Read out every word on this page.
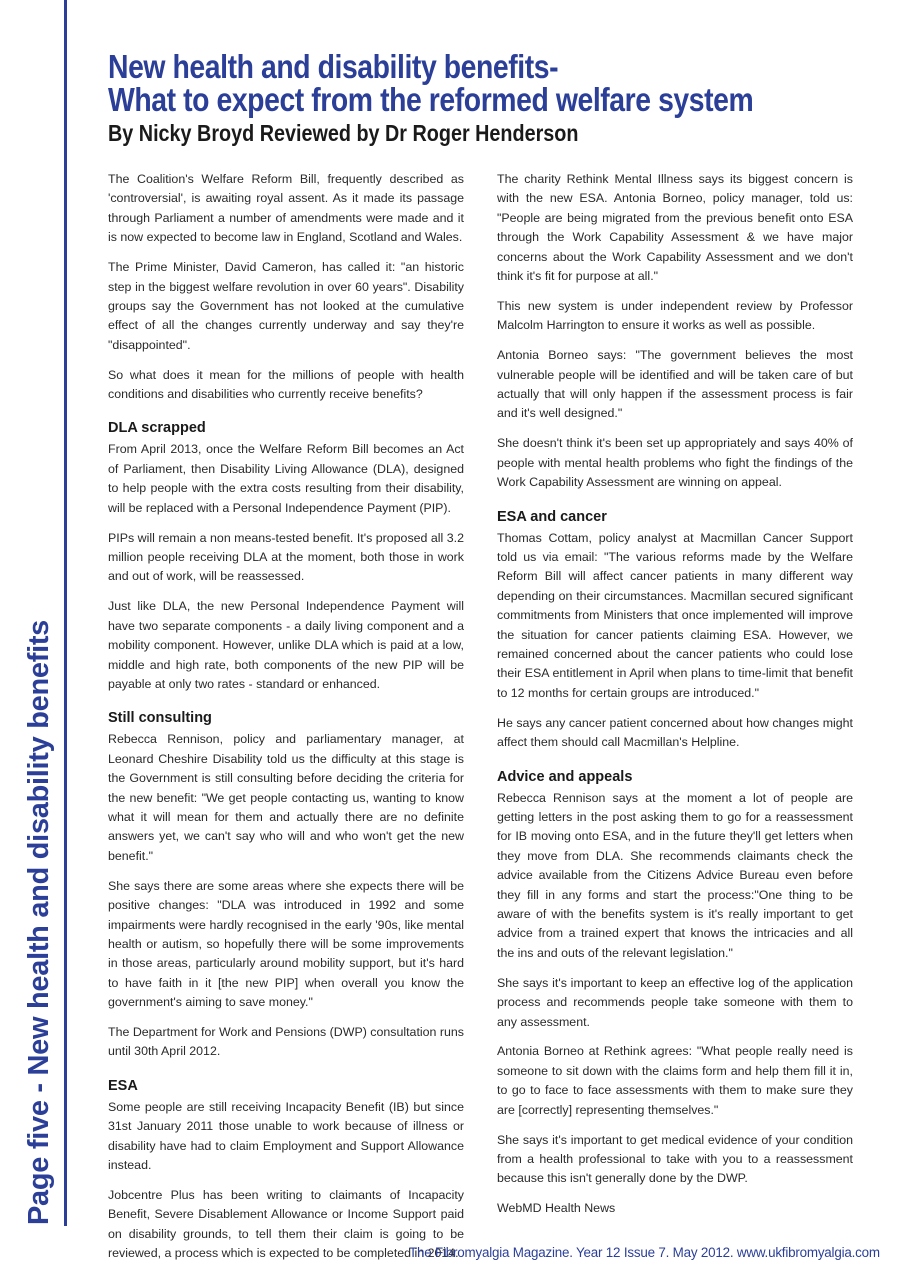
Page five - New health and disability benefits
New health and disability benefits-
What to expect from the reformed welfare system
By Nicky Broyd Reviewed by Dr Roger Henderson

The Coalition's Welfare Reform Bill, frequently described as 'controversial', is awaiting royal assent. As it made its passage through Parliament a number of amendments were made and it is now expected to become law in England, Scotland and Wales.

The Prime Minister, David Cameron, has called it: "an historic step in the biggest welfare revolution in over 60 years". Disability groups say the Government has not looked at the cumulative effect of all the changes currently underway and say they're "disappointed".

So what does it mean for the millions of people with health conditions and disabilities who currently receive benefits?

DLA scrapped

From April 2013, once the Welfare Reform Bill becomes an Act of Parliament, then Disability Living Allowance (DLA), designed to help people with the extra costs resulting from their disability, will be replaced with a Personal Independence Payment (PIP).

PIPs will remain a non means-tested benefit. It's proposed all 3.2 million people receiving DLA at the moment, both those in work and out of work, will be reassessed.

Just like DLA, the new Personal Independence Payment will have two separate components - a daily living component and a mobility component. However, unlike DLA which is paid at a low, middle and high rate, both components of the new PIP will be payable at only two rates - standard or enhanced.

Still consulting

Rebecca Rennison, policy and parliamentary manager, at Leonard Cheshire Disability told us the difficulty at this stage is the Government is still consulting before deciding the criteria for the new benefit: "We get people contacting us, wanting to know what it will mean for them and actually there are no definite answers yet, we can't say who will and who won't get the new benefit."

She says there are some areas where she expects there will be positive changes: "DLA was introduced in 1992 and some impairments were hardly recognised in the early '90s, like mental health or autism, so hopefully there will be some improvements in those areas, particularly around mobility support, but it's hard to have faith in it [the new PIP] when overall you know the government's aiming to save money."

The Department for Work and Pensions (DWP) consultation runs until 30th April 2012.

ESA

Some people are still receiving Incapacity Benefit (IB) but since 31st January 2011 those unable to work because of illness or disability have had to claim Employment and Support Allowance instead.

Jobcentre Plus has been writing to claimants of Incapacity Benefit, Severe Disablement Allowance or Income Support paid on disability grounds, to tell them their claim is going to be reviewed, a process which is expected to be completed in 2014.

The charity Rethink Mental Illness says its biggest concern is with the new ESA. Antonia Borneo, policy manager, told us: "People are being migrated from the previous benefit onto ESA through the Work Capability Assessment & we have major concerns about the Work Capability Assessment and we don't think it's fit for purpose at all."

This new system is under independent review by Professor Malcolm Harrington to ensure it works as well as possible.

Antonia Borneo says: "The government believes the most vulnerable people will be identified and will be taken care of but actually that will only happen if the assessment process is fair and it's well designed."

She doesn't think it's been set up appropriately and says 40% of people with mental health problems who fight the findings of the Work Capability Assessment are winning on appeal.

ESA and cancer

Thomas Cottam, policy analyst at Macmillan Cancer Support told us via email: "The various reforms made by the Welfare Reform Bill will affect cancer patients in many different way depending on their circumstances. Macmillan secured significant commitments from Ministers that once implemented will improve the situation for cancer patients claiming ESA. However, we remained concerned about the cancer patients who could lose their ESA entitlement in April when plans to time-limit that benefit to 12 months for certain groups are introduced."

He says any cancer patient concerned about how changes might affect them should call Macmillan's Helpline.

Advice and appeals

Rebecca Rennison says at the moment a lot of people are getting letters in the post asking them to go for a reassessment for IB moving onto ESA, and in the future they'll get letters when they move from DLA. She recommends claimants check the advice available from the Citizens Advice Bureau even before they fill in any forms and start the process:"One thing to be aware of with the benefits system is it's really important to get advice from a trained expert that knows the intricacies and all the ins and outs of the relevant legislation."

She says it's important to keep an effective log of the application process and recommends people take someone with them to any assessment.

Antonia Borneo at Rethink agrees: "What people really need is someone to sit down with the claims form and help them fill it in, to go to face to face assessments with them to make sure they are [correctly] representing themselves."

She says it's important to get medical evidence of your condition from a health professional to take with you to a reassessment because this isn't generally done by the DWP.

WebMD Health News

The Fibromyalgia Magazine. Year 12 Issue 7. May 2012. www.ukfibromyalgia.com
